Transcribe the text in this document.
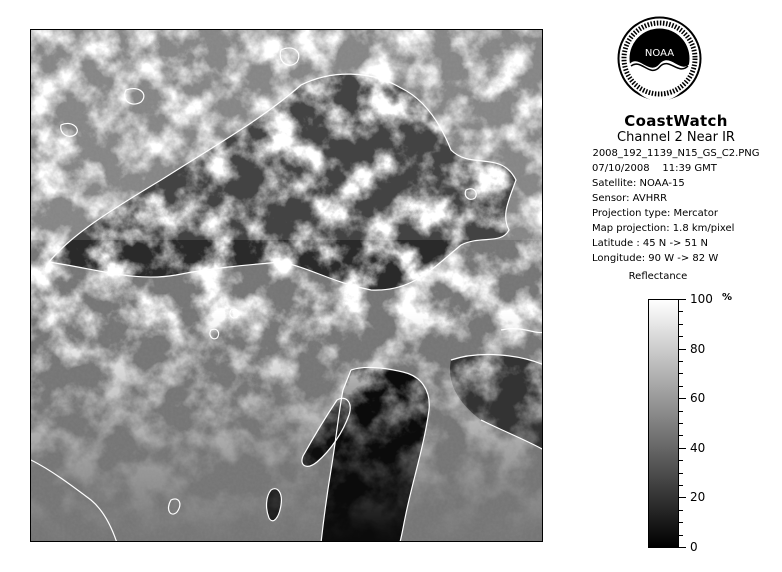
NOAA
CoastWatch
Channel 2 Near IR
2008_192_1139_N15_GS_C2.PNG
07/10/2008 11:39 GMT
Satellite: NOAA-15
Sensor: AVHRR
Projection type: Mercator
Map projection: 1.8 km/pixel
Latitude : 45 N -> 51 N
Longitude: 90 W -> 82 W
Reflectance
%
100
80
60
40
20
0
